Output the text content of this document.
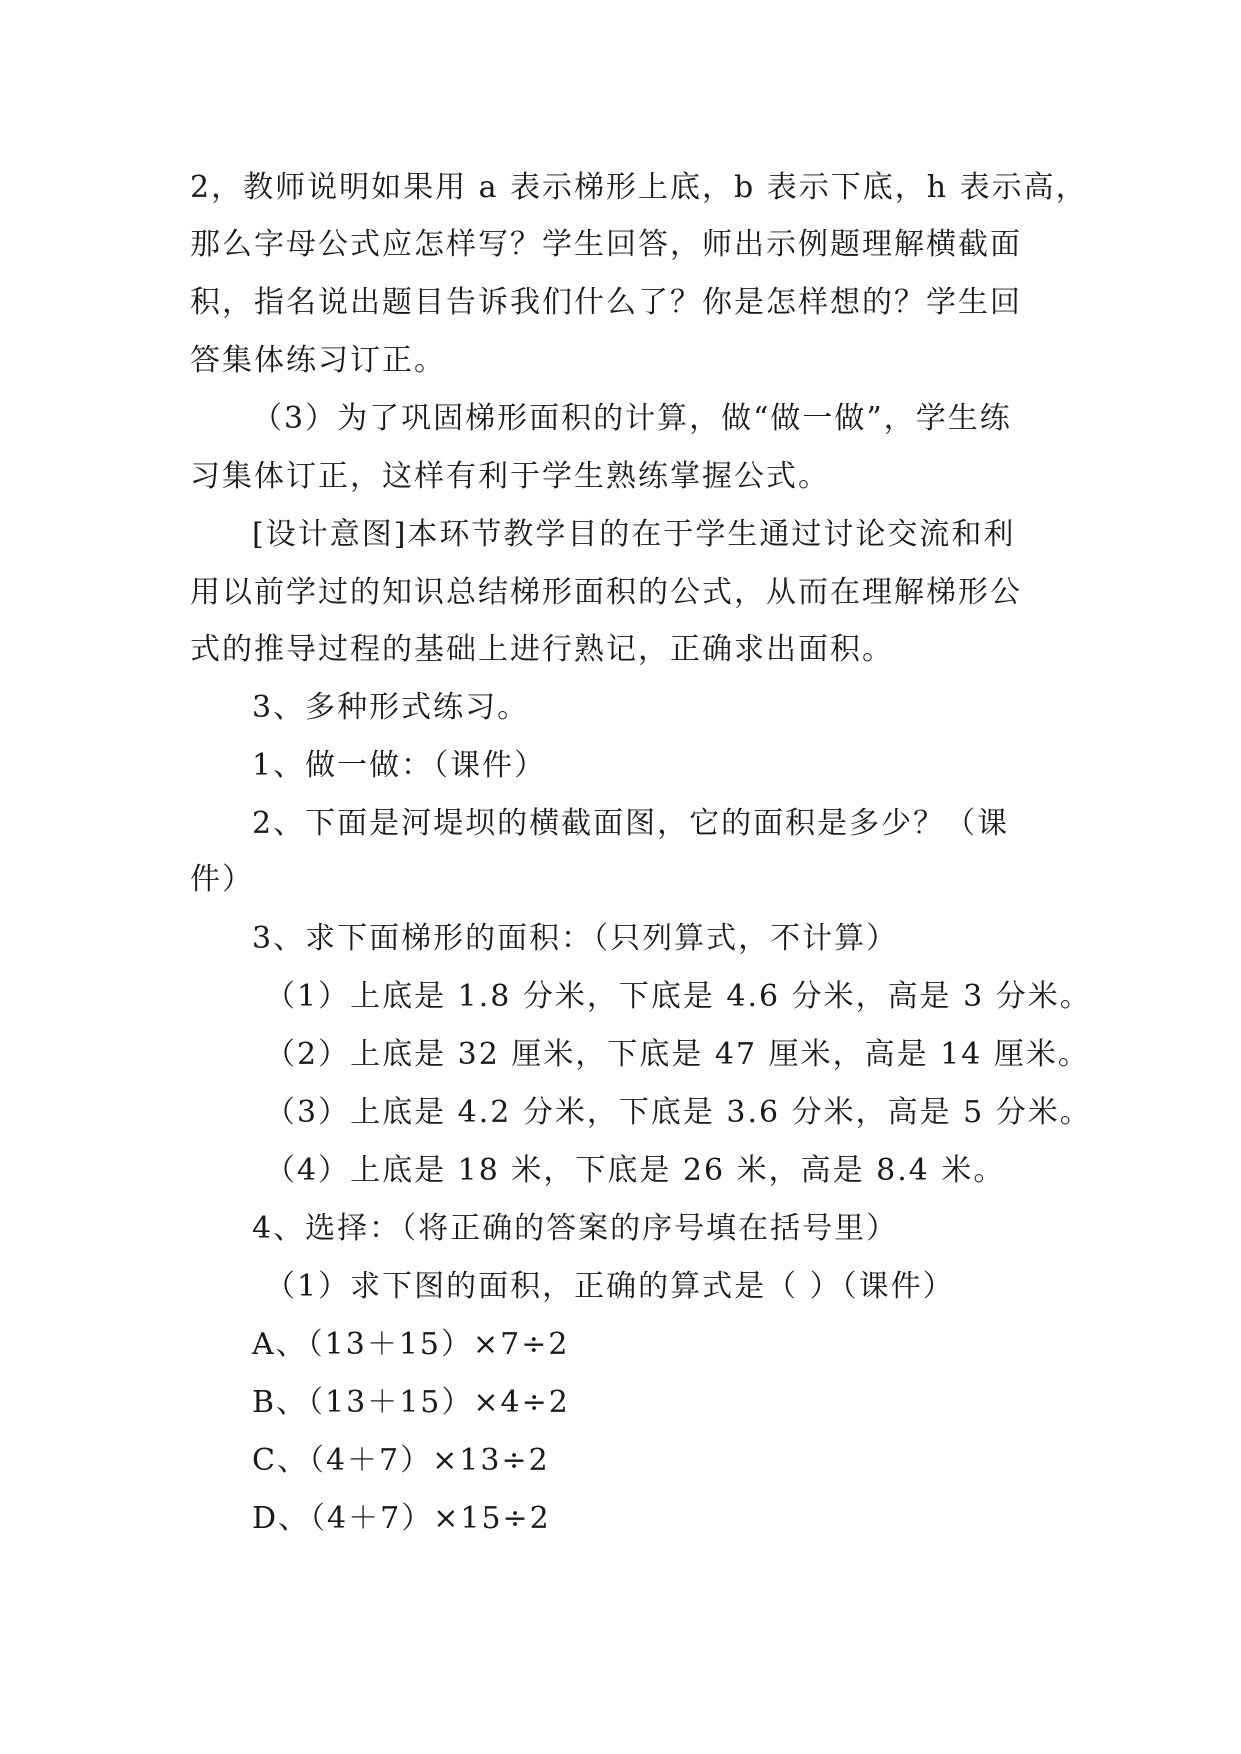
2，教师说明如果用 a 表示梯形上底，b 表示下底，h 表示高，
那么字母公式应怎样写？学生回答，师出示例题理解横截面
积，指名说出题目告诉我们什么了？你是怎样想的？学生回
答集体练习订正。
（3）为了巩固梯形面积的计算，做“做一做”，学生练
习集体订正，这样有利于学生熟练掌握公式。
[设计意图]本环节教学目的在于学生通过讨论交流和利
用以前学过的知识总结梯形面积的公式，从而在理解梯形公
式的推导过程的基础上进行熟记，正确求出面积。
3、多种形式练习。
1、做一做：（课件）
2、下面是河堤坝的横截面图，它的面积是多少？（课
件）
3、求下面梯形的面积：（只列算式，不计算）
（1）上底是 1.8 分米，下底是 4.6 分米，高是 3 分米。
（2）上底是 32 厘米，下底是 47 厘米，高是 14 厘米。
（3）上底是 4.2 分米，下底是 3.6 分米，高是 5 分米。
（4）上底是 18 米，下底是 26 米，高是 8.4 米。
4、选择：（将正确的答案的序号填在括号里）
（1）求下图的面积，正确的算式是（ ）（课件）
A、（13＋15）×7÷2
B、（13＋15）×4÷2
C、（4＋7）×13÷2
D、（4＋7）×15÷2
